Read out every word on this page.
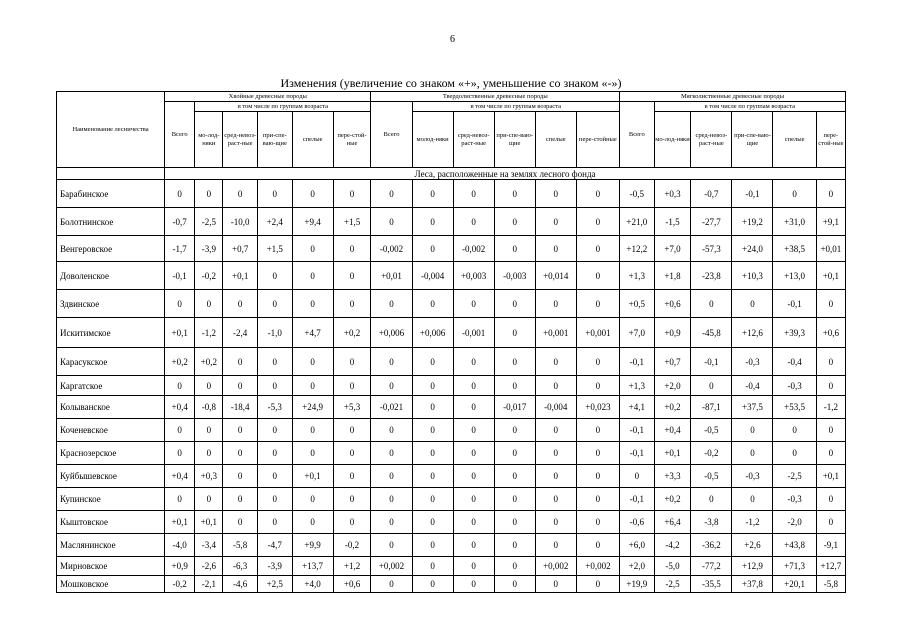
6
Изменения (увеличение со знаком «+», уменьшение со знаком «-»)
Наименование лесничества	Хвойные древесные породы						Твердолиственные древесные породы						Мягколиственные древесные породы					
	Всего	в том числе по группам возраста					Всего	в том числе по группам возраста					Всего	в том числе по группам возраста				
		мо-лод-няки	сред-невоз-раст-ные	при-спе-ваю-щие	спелые	пере-стой-ные		молод-няки	сред-невоз-раст-ные	при-спе-ваю-щие	спелые	пере-стойные		мо-лод-няки	сред-невоз-раст-ные	при-спе-ваю-щие	спелые	пере-стой-ные
	Леса, расположенные на землях лесного фонда																	
Барабинское	0	0	0	0	0	0	0	0	0	0	0	0	-0,5	+0,3	-0,7	-0,1	0	0
Болотнинское	-0,7	-2,5	-10,0	+2,4	+9,4	+1,5	0	0	0	0	0	0	+21,0	-1,5	-27,7	+19,2	+31,0	+9,1
Венгеровское	-1,7	-3,9	+0,7	+1,5	0	0	-0,002	0	-0,002	0	0	0	+12,2	+7,0	-57,3	+24,0	+38,5	+0,01
Доволенское	-0,1	-0,2	+0,1	0	0	0	+0,01	-0,004	+0,003	-0,003	+0,014	0	+1,3	+1,8	-23,8	+10,3	+13,0	+0,1
Здвинское	0	0	0	0	0	0	0	0	0	0	0	0	+0,5	+0,6	0	0	-0,1	0
Искитимское	+0,1	-1,2	-2,4	-1,0	+4,7	+0,2	+0,006	+0,006	-0,001	0	+0,001	+0,001	+7,0	+0,9	-45,8	+12,6	+39,3	+0,6
Карасукское	+0,2	+0,2	0	0	0	0	0	0	0	0	0	0	-0,1	+0,7	-0,1	-0,3	-0,4	0
Каргатское	0	0	0	0	0	0	0	0	0	0	0	0	+1,3	+2,0	0	-0,4	-0,3	0
Колыванское	+0,4	-0,8	-18,4	-5,3	+24,9	+5,3	-0,021	0	0	-0,017	-0,004	+0,023	+4,1	+0,2	-87,1	+37,5	+53,5	-1,2
Коченевское	0	0	0	0	0	0	0	0	0	0	0	0	-0,1	+0,4	-0,5	0	0	0
Краснозерское	0	0	0	0	0	0	0	0	0	0	0	0	-0,1	+0,1	-0,2	0	0	0
Куйбышевское	+0,4	+0,3	0	0	+0,1	0	0	0	0	0	0	0	0	+3,3	-0,5	-0,3	-2,5	+0,1
Купинское	0	0	0	0	0	0	0	0	0	0	0	0	-0,1	+0,2	0	0	-0,3	0
Кыштовское	+0,1	+0,1	0	0	0	0	0	0	0	0	0	0	-0,6	+6,4	-3,8	-1,2	-2,0	0
Маслянинское	-4,0	-3,4	-5,8	-4,7	+9,9	-0,2	0	0	0	0	0	0	+6,0	-4,2	-36,2	+2,6	+43,8	-9,1
Мирновское	+0,9	-2,6	-6,3	-3,9	+13,7	+1,2	+0,002	0	0	0	+0,002	+0,002	+2,0	-5,0	-77,2	+12,9	+71,3	+12,7
Мошковское	-0,2	-2,1	-4,6	+2,5	+4,0	+0,6	0	0	0	0	0	0	+19,9	-2,5	-35,5	+37,8	+20,1	-5,8
